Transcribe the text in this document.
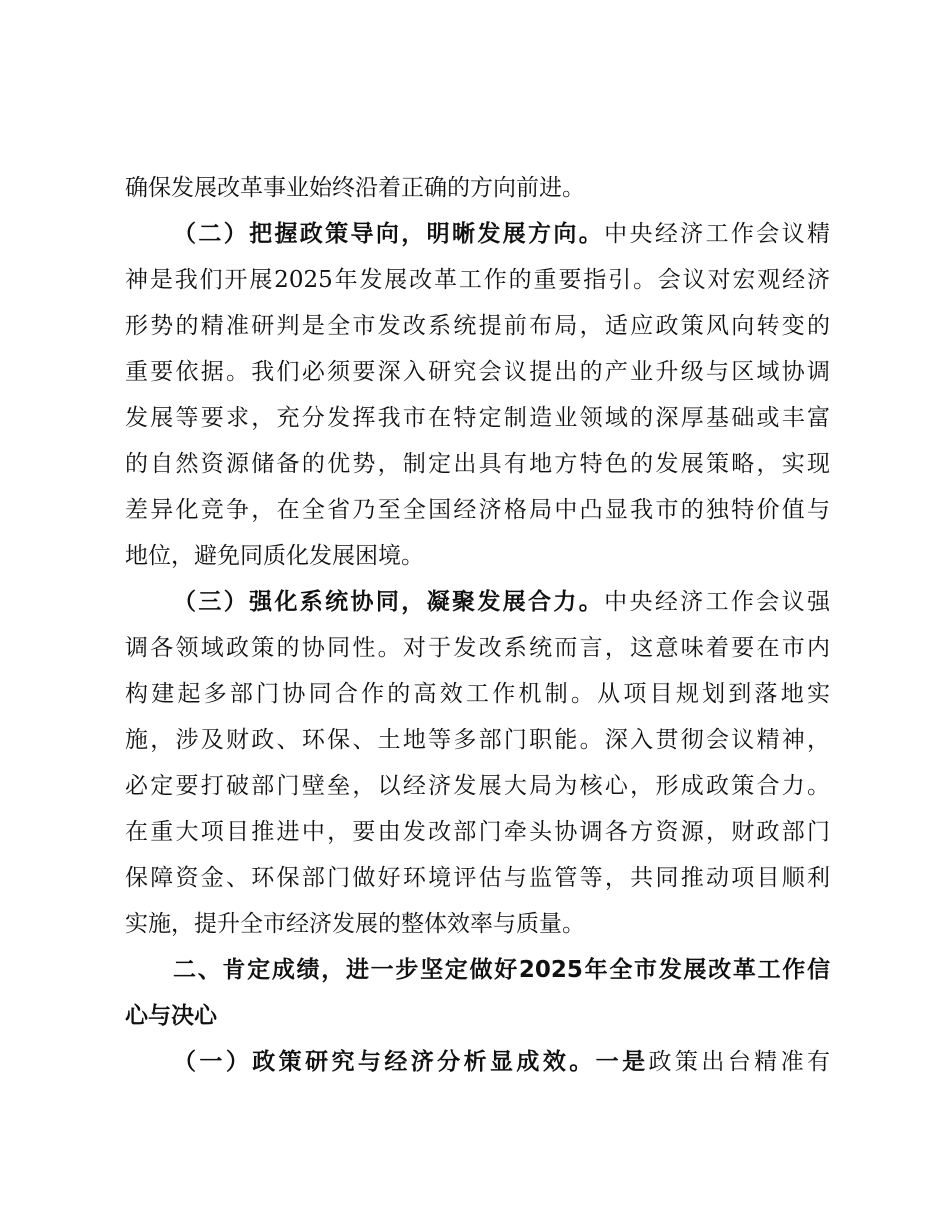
确保发展改革事业始终沿着正确的方向前进。
（二）把握政策导向，明晰发展方向。中央经济工作会议精
神是我们开展2025年发展改革工作的重要指引。会议对宏观经济
形势的精准研判是全市发改系统提前布局，适应政策风向转变的
重要依据。我们必须要深入研究会议提出的产业升级与区域协调
发展等要求，充分发挥我市在特定制造业领域的深厚基础或丰富
的自然资源储备的优势，制定出具有地方特色的发展策略，实现
差异化竞争，在全省乃至全国经济格局中凸显我市的独特价值与
地位，避免同质化发展困境。
（三）强化系统协同，凝聚发展合力。中央经济工作会议强
调各领域政策的协同性。对于发改系统而言，这意味着要在市内
构建起多部门协同合作的高效工作机制。从项目规划到落地实
施，涉及财政、环保、土地等多部门职能。深入贯彻会议精神，
必定要打破部门壁垒，以经济发展大局为核心，形成政策合力。
在重大项目推进中，要由发改部门牵头协调各方资源，财政部门
保障资金、环保部门做好环境评估与监管等，共同推动项目顺利
实施，提升全市经济发展的整体效率与质量。
二、肯定成绩，进一步坚定做好2025年全市发展改革工作信
心与决心
（一）政策研究与经济分析显成效。一是政策出台精准有
